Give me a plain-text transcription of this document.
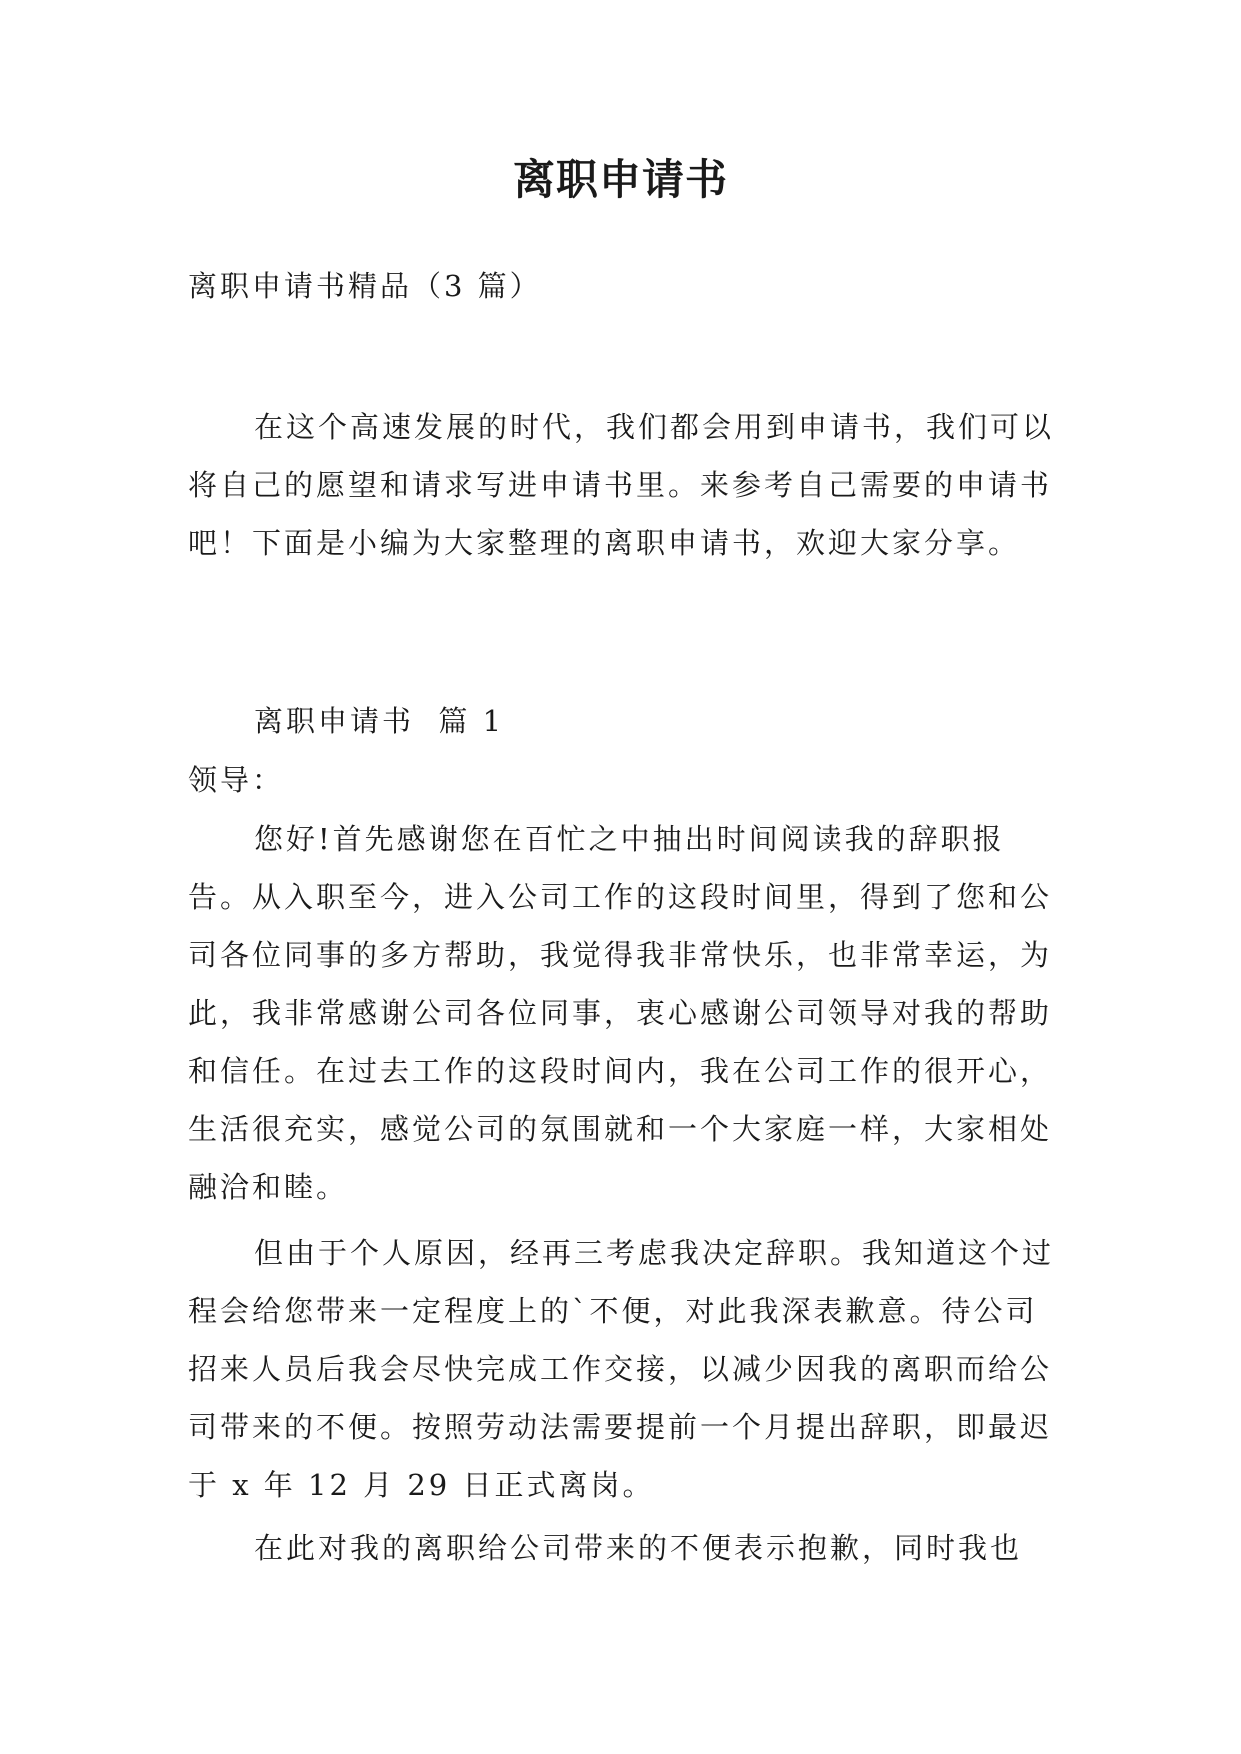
离职申请书

离职申请书精品（3 篇）

在这个高速发展的时代，我们都会用到申请书，我们可以将自己的愿望和请求写进申请书里。来参考自己需要的申请书吧！下面是小编为大家整理的离职申请书，欢迎大家分享。

离职申请书  篇 1

领导：

您好!首先感谢您在百忙之中抽出时间阅读我的辞职报告。从入职至今，进入公司工作的这段时间里，得到了您和公司各位同事的多方帮助，我觉得我非常快乐，也非常幸运，为此，我非常感谢公司各位同事，衷心感谢公司领导对我的帮助和信任。在过去工作的这段时间内，我在公司工作的很开心，生活很充实，感觉公司的氛围就和一个大家庭一样，大家相处融洽和睦。

但由于个人原因，经再三考虑我决定辞职。我知道这个过程会给您带来一定程度上的`不便，对此我深表歉意。待公司招来人员后我会尽快完成工作交接，以减少因我的离职而给公司带来的不便。按照劳动法需要提前一个月提出辞职，即最迟于 x 年 12 月 29 日正式离岗。

在此对我的离职给公司带来的不便表示抱歉，同时我也
